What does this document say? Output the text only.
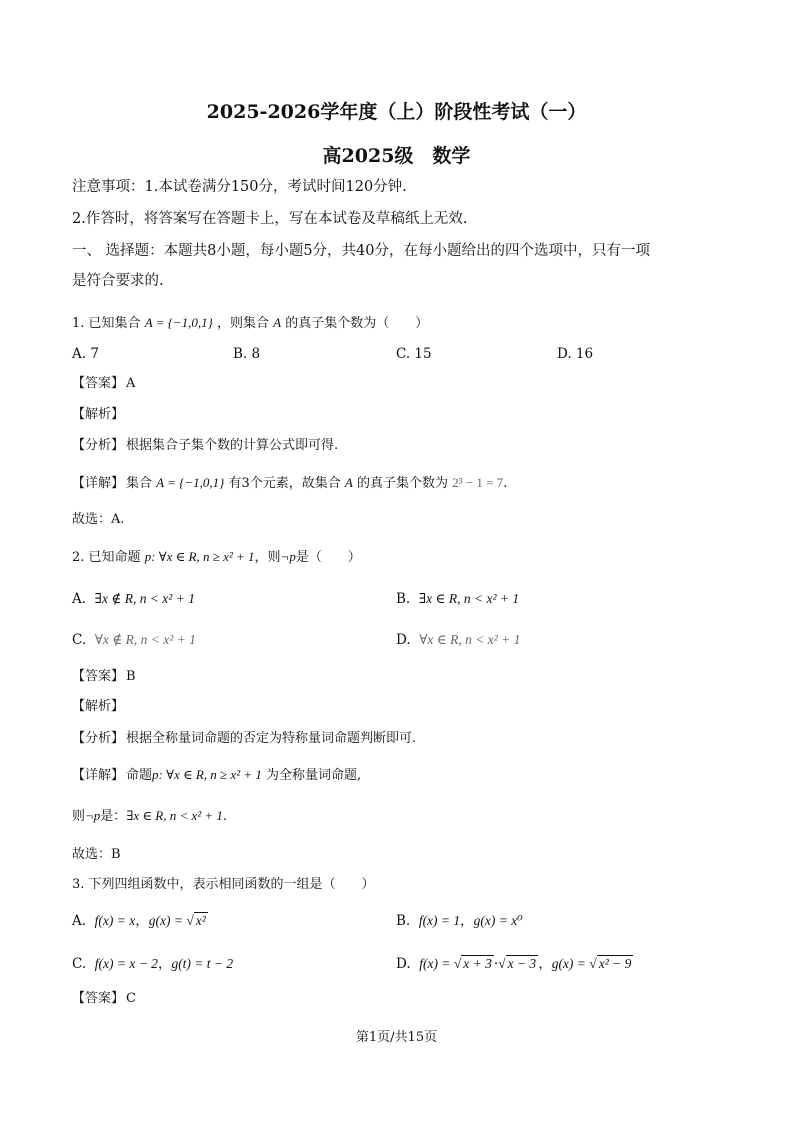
2025-2026学年度（上）阶段性考试（一）
高2025级　数学
注意事项：1.本试卷满分150分，考试时间120分钟.
2.作答时，将答案写在答题卡上，写在本试卷及草稿纸上无效.
一、 选择题：本题共8小题，每小题5分，共40分，在每小题给出的四个选项中，只有一项
是符合要求的.
1. 已知集合 A = {−1,0,1} ，则集合 A 的真子集个数为（　　）
A. 7	B. 8	C. 15	D. 16
【答案】 A
【解析】
【分析】 根据集合子集个数的计算公式即可得.
【详解】 集合 A = {−1,0,1} 有3个元素，故集合 A 的真子集个数为 2³ − 1 = 7.
故选：A.
2. 已知命题 p: ∀x ∈ R, n ≥ x² + 1，则¬p是（　　）
A. ∃x ∉ R, n < x² + 1	B. ∃x ∈ R, n < x² + 1
C. ∀x ∉ R, n < x² + 1	D. ∀x ∈ R, n < x² + 1
【答案】 B
【解析】
【分析】 根据全称量词命题的否定为特称量词命题判断即可.
【详解】 命题p: ∀x ∈ R, n ≥ x² + 1 为全称量词命题,
则¬p是：∃x ∈ R, n < x² + 1.
故选：B
3. 下列四组函数中，表示相同函数的一组是（　　）
A. f(x) = x，g(x) = √ x²	B. f(x) = 1，g(x) = x⁰
C. f(x) = x − 2，g(t) = t − 2	D. f(x) = √ x + 3 ·√ x − 3 ，g(x) = √ x² − 9
【答案】 C
第1页/共15页
